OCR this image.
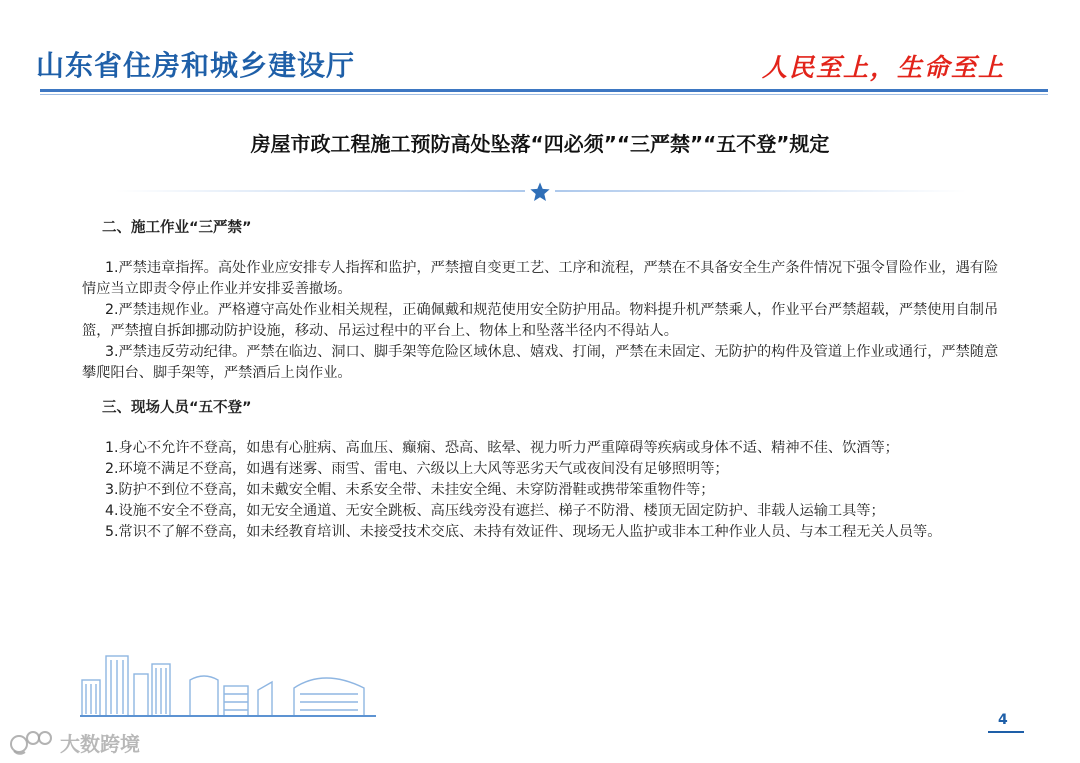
山东省住房和城乡建设厅	人民至上，生命至上
房屋市政工程施工预防高处坠落“四必须”“三严禁”“五不登”规定
二、施工作业“三严禁”
1.严禁违章指挥。高处作业应安排专人指挥和监护，严禁擅自变更工艺、工序和流程，严禁在不具备安全生产条件情况下强令冒险作业，遇有险情应当立即责令停止作业并安排妥善撤场。
2.严禁违规作业。严格遵守高处作业相关规程，正确佩戴和规范使用安全防护用品。物料提升机严禁乘人，作业平台严禁超载，严禁使用自制吊篮，严禁擅自拆卸挪动防护设施，移动、吊运过程中的平台上、物体上和坠落半径内不得站人。
3.严禁违反劳动纪律。严禁在临边、洞口、脚手架等危险区域休息、嬉戏、打闹，严禁在未固定、无防护的构件及管道上作业或通行，严禁随意攀爬阳台、脚手架等，严禁酒后上岗作业。
三、现场人员“五不登”
1.身心不允许不登高，如患有心脏病、高血压、癫痫、恐高、眩晕、视力听力严重障碍等疾病或身体不适、精神不佳、饮酒等；
2.环境不满足不登高，如遇有迷雾、雨雪、雷电、六级以上大风等恶劣天气或夜间没有足够照明等；
3.防护不到位不登高，如未戴安全帽、未系安全带、未挂安全绳、未穿防滑鞋或携带笨重物件等；
4.设施不安全不登高，如无安全通道、无安全跳板、高压线旁没有遮拦、梯子不防滑、楼顶无固定防护、非载人运输工具等；
5.常识不了解不登高，如未经教育培训、未接受技术交底、未持有效证件、现场无人监护或非本工种作业人员、与本工程无关人员等。
4
大数跨境
